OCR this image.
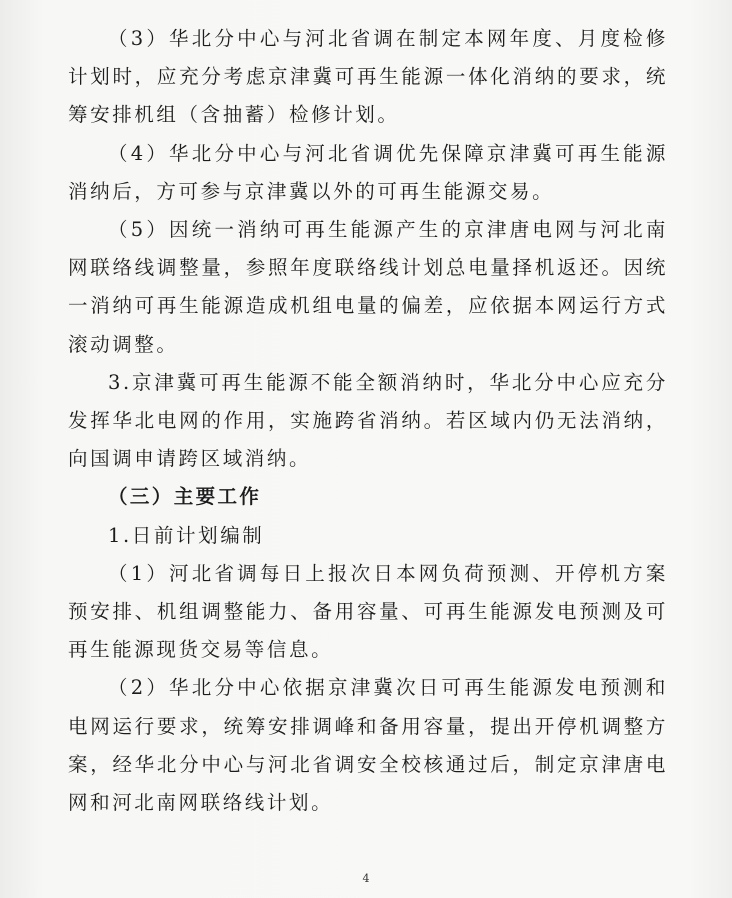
（3）华北分中心与河北省调在制定本网年度、月度检修计划时，应充分考虑京津冀可再生能源一体化消纳的要求，统筹安排机组（含抽蓄）检修计划。

（4）华北分中心与河北省调优先保障京津冀可再生能源消纳后，方可参与京津冀以外的可再生能源交易。

（5）因统一消纳可再生能源产生的京津唐电网与河北南网联络线调整量，参照年度联络线计划总电量择机返还。因统一消纳可再生能源造成机组电量的偏差，应依据本网运行方式滚动调整。

3.京津冀可再生能源不能全额消纳时，华北分中心应充分发挥华北电网的作用，实施跨省消纳。若区域内仍无法消纳，向国调申请跨区域消纳。

（三）主要工作

1.日前计划编制

（1）河北省调每日上报次日本网负荷预测、开停机方案预安排、机组调整能力、备用容量、可再生能源发电预测及可再生能源现货交易等信息。

（2）华北分中心依据京津冀次日可再生能源发电预测和电网运行要求，统筹安排调峰和备用容量，提出开停机调整方案，经华北分中心与河北省调安全校核通过后，制定京津唐电网和河北南网联络线计划。

4
